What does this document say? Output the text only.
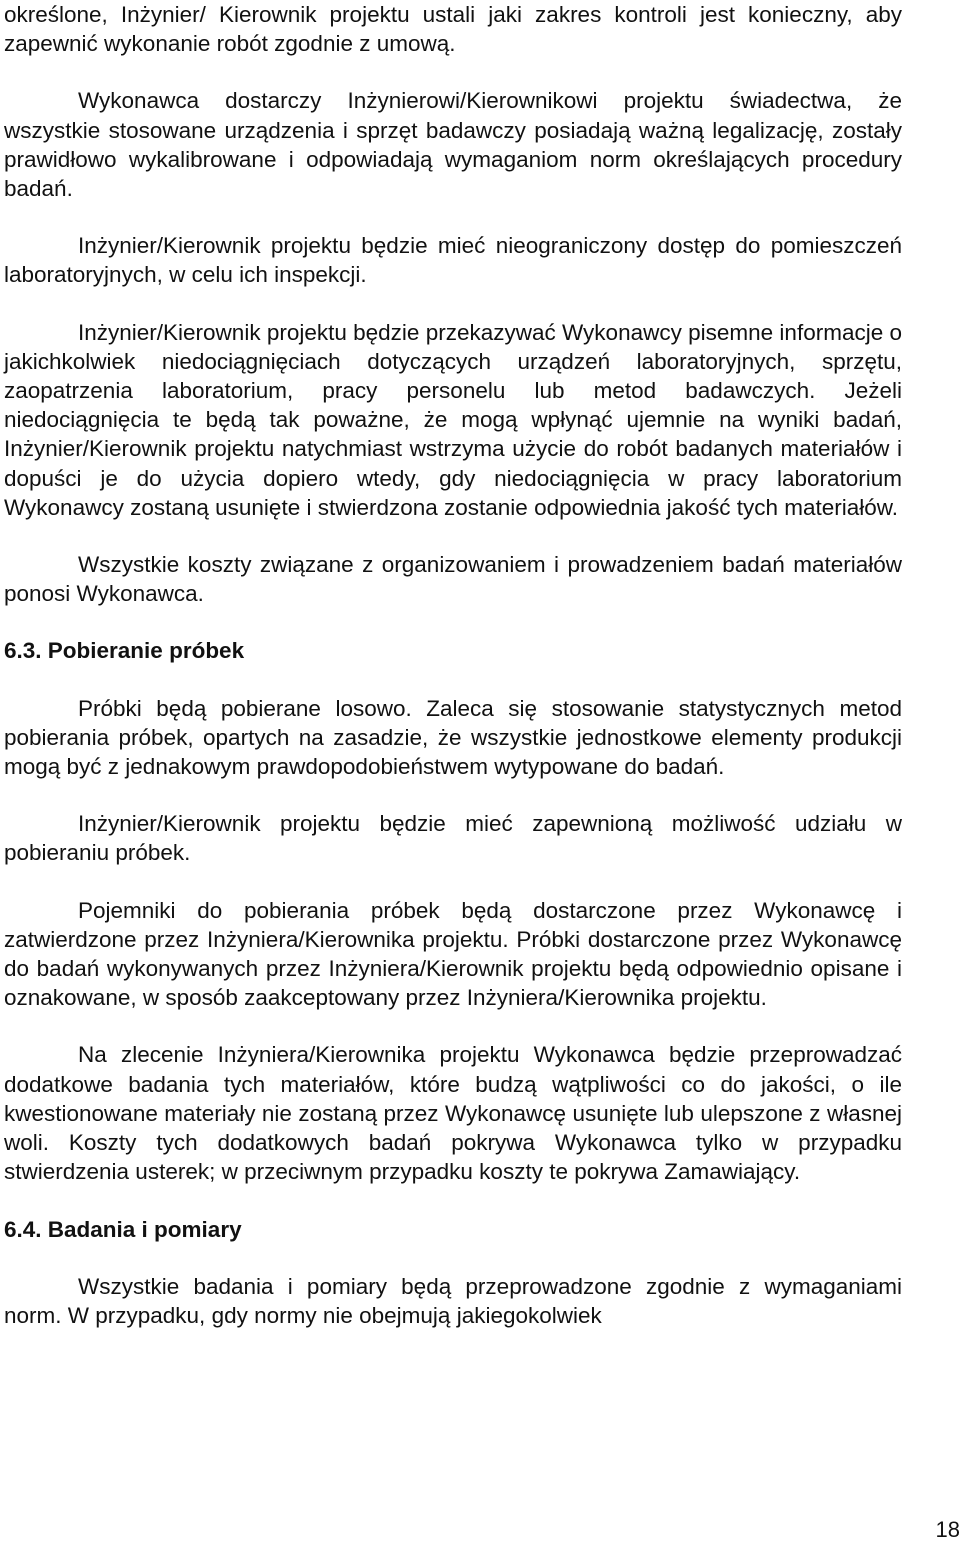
określone, Inżynier/ Kierownik projektu ustali jaki zakres kontroli jest konieczny, aby zapewnić wykonanie robót zgodnie z umową.

Wykonawca dostarczy Inżynierowi/Kierownikowi projektu świadectwa, że wszystkie stosowane urządzenia i sprzęt badawczy posiadają ważną legalizację, zostały prawidłowo wykalibrowane i odpowiadają wymaganiom norm określających procedury badań.

Inżynier/Kierownik projektu będzie mieć nieograniczony dostęp do pomieszczeń laboratoryjnych, w celu ich inspekcji.

Inżynier/Kierownik projektu będzie przekazywać Wykonawcy pisemne informacje o jakichkolwiek niedociągnięciach dotyczących urządzeń laboratoryjnych, sprzętu, zaopatrzenia laboratorium, pracy personelu lub metod badawczych. Jeżeli niedociągnięcia te będą tak poważne, że mogą wpłynąć ujemnie na wyniki badań, Inżynier/Kierownik projektu natychmiast wstrzyma użycie do robót badanych materiałów i dopuści je do użycia dopiero wtedy, gdy niedociągnięcia w pracy laboratorium Wykonawcy zostaną usunięte i stwierdzona zostanie odpowiednia jakość tych materiałów.

Wszystkie koszty związane z organizowaniem i prowadzeniem badań materiałów ponosi Wykonawca.

6.3. Pobieranie próbek

Próbki będą pobierane losowo. Zaleca się stosowanie statystycznych metod pobierania próbek, opartych na zasadzie, że wszystkie jednostkowe elementy produkcji mogą być z jednakowym prawdopodobieństwem wytypowane do badań.

Inżynier/Kierownik projektu będzie mieć zapewnioną możliwość udziału w pobieraniu próbek.

Pojemniki do pobierania próbek będą dostarczone przez Wykonawcę i zatwierdzone przez Inżyniera/Kierownika projektu. Próbki dostarczone przez Wykonawcę do badań wykonywanych przez Inżyniera/Kierownik projektu będą odpowiednio opisane i oznakowane, w sposób zaakceptowany przez Inżyniera/Kierownika projektu.

Na zlecenie Inżyniera/Kierownika projektu Wykonawca będzie przeprowadzać dodatkowe badania tych materiałów, które budzą wątpliwości co do jakości, o ile kwestionowane materiały nie zostaną przez Wykonawcę usunięte lub ulepszone z własnej woli. Koszty tych dodatkowych badań pokrywa Wykonawca tylko w przypadku stwierdzenia usterek; w przeciwnym przypadku koszty te pokrywa Zamawiający.

6.4. Badania i pomiary

Wszystkie badania i pomiary będą przeprowadzone zgodnie z wymaganiami norm. W przypadku, gdy normy nie obejmują jakiegokolwiek

18
